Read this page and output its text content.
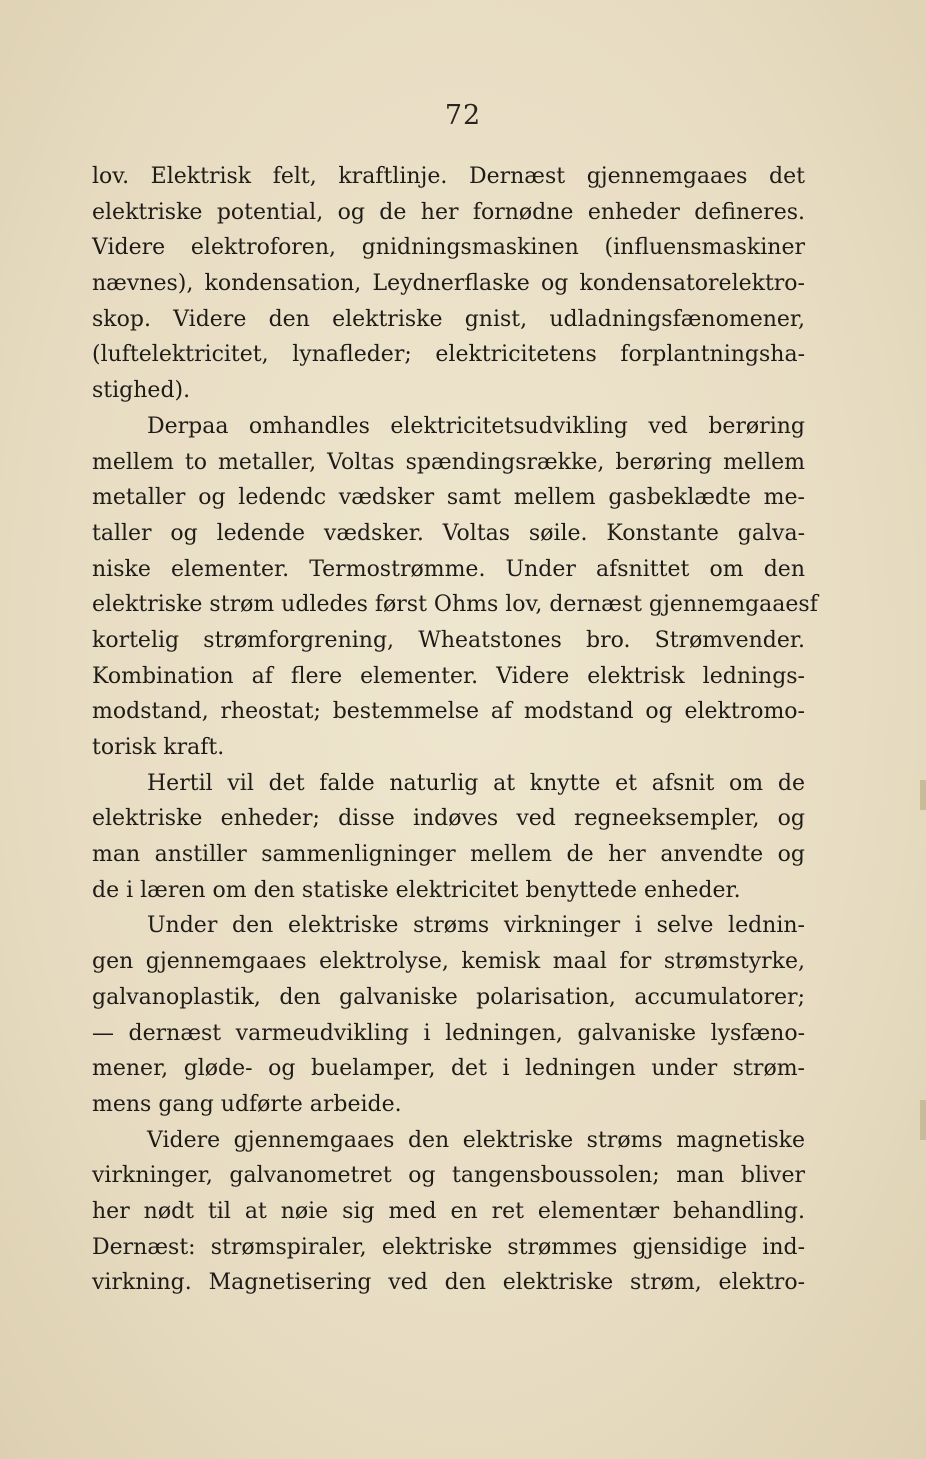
72
lov. Elektrisk felt, kraftlinje. Dernæst gjennemgaaes det
elektriske potential, og de her fornødne enheder defineres.
Videre elektroforen, gnidningsmaskinen (influensmaskiner
nævnes), kondensation, Leydnerflaske og kondensatorelektro-
skop. Videre den elektriske gnist, udladningsfænomener,
(luftelektricitet, lynafleder; elektricitetens forplantningsha-
stighed).
Derpaa omhandles elektricitetsudvikling ved berøring
mellem to metaller, Voltas spændingsrække, berøring mellem
metaller og ledendc vædsker samt mellem gasbeklædte me-
taller og ledende vædsker. Voltas søile. Konstante galva-
niske elementer. Termostrømme. Under afsnittet om den
elektriske strøm udledes først Ohms lov, dernæst gjennemgaaesf
kortelig strømforgrening, Wheatstones bro. Strømvender.
Kombination af flere elementer. Videre elektrisk lednings-
modstand, rheostat; bestemmelse af modstand og elektromo-
torisk kraft.
Hertil vil det falde naturlig at knytte et afsnit om de
elektriske enheder; disse indøves ved regneeksempler, og
man anstiller sammenligninger mellem de her anvendte og
de i læren om den statiske elektricitet benyttede enheder.
Under den elektriske strøms virkninger i selve lednin-
gen gjennemgaaes elektrolyse, kemisk maal for strømstyrke,
galvanoplastik, den galvaniske polarisation, accumulatorer;
— dernæst varmeudvikling i ledningen, galvaniske lysfæno-
mener, gløde- og buelamper, det i ledningen under strøm-
mens gang udførte arbeide.
Videre gjennemgaaes den elektriske strøms magnetiske
virkninger, galvanometret og tangensboussolen; man bliver
her nødt til at nøie sig med en ret elementær behandling.
Dernæst: strømspiraler, elektriske strømmes gjensidige ind-
virkning. Magnetisering ved den elektriske strøm, elektro-
